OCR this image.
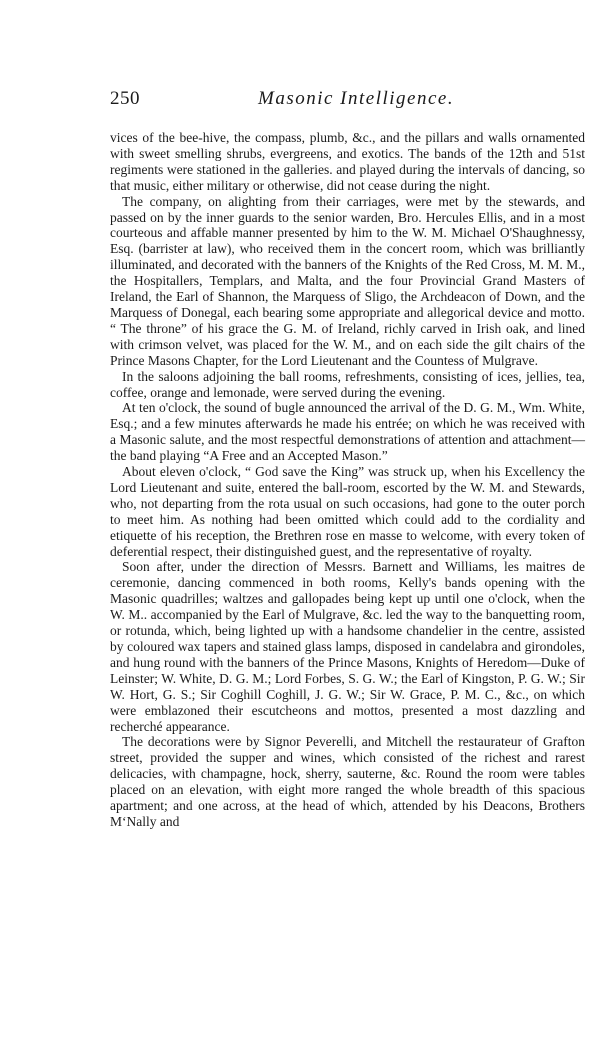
250	Masonic Intelligence.

vices of the bee-hive, the compass, plumb, &c., and the pillars and walls ornamented with sweet smelling shrubs, evergreens, and exotics. The bands of the 12th and 51st regiments were stationed in the galleries. and played during the intervals of dancing, so that music, either military or otherwise, did not cease during the night.

The company, on alighting from their carriages, were met by the stewards, and passed on by the inner guards to the senior warden, Bro. Hercules Ellis, and in a most courteous and affable manner presented by him to the W. M. Michael O'Shaughnessy, Esq. (barrister at law), who received them in the concert room, which was brilliantly illuminated, and decorated with the banners of the Knights of the Red Cross, M. M. M., the Hospitallers, Templars, and Malta, and the four Provincial Grand Masters of Ireland, the Earl of Shannon, the Marquess of Sligo, the Archdeacon of Down, and the Marquess of Donegal, each bearing some appropriate and allegorical device and motto. “ The throne” of his grace the G. M. of Ireland, richly carved in Irish oak, and lined with crimson velvet, was placed for the W. M., and on each side the gilt chairs of the Prince Masons Chapter, for the Lord Lieutenant and the Countess of Mulgrave.

In the saloons adjoining the ball rooms, refreshments, consisting of ices, jellies, tea, coffee, orange and lemonade, were served during the evening.

At ten o'clock, the sound of bugle announced the arrival of the D. G. M., Wm. White, Esq.; and a few minutes afterwards he made his entrée; on which he was received with a Masonic salute, and the most respectful demonstrations of attention and attachment—the band playing “A Free and an Accepted Mason.”

About eleven o'clock, “ God save the King” was struck up, when his Excellency the Lord Lieutenant and suite, entered the ball-room, escorted by the W. M. and Stewards, who, not departing from the rota usual on such occasions, had gone to the outer porch to meet him. As nothing had been omitted which could add to the cordiality and etiquette of his reception, the Brethren rose en masse to welcome, with every token of deferential respect, their distinguished guest, and the representative of royalty.

Soon after, under the direction of Messrs. Barnett and Williams, les maitres de ceremonie, dancing commenced in both rooms, Kelly's bands opening with the Masonic quadrilles; waltzes and gallopades being kept up until one o'clock, when the W. M.. accompanied by the Earl of Mulgrave, &c. led the way to the banquetting room, or rotunda, which, being lighted up with a handsome chandelier in the centre, assisted by coloured wax tapers and stained glass lamps, disposed in candelabra and girondoles, and hung round with the banners of the Prince Masons, Knights of Heredom—Duke of Leinster; W. White, D. G. M.; Lord Forbes, S. G. W.; the Earl of Kingston, P. G. W.; Sir W. Hort, G. S.; Sir Coghill Coghill, J. G. W.; Sir W. Grace, P. M. C., &c., on which were emblazoned their escutcheons and mottos, presented a most dazzling and recherché appearance.

The decorations were by Signor Peverelli, and Mitchell the restaurateur of Grafton street, provided the supper and wines, which consisted of the richest and rarest delicacies, with champagne, hock, sherry, sauterne, &c. Round the room were tables placed on an elevation, with eight more ranged the whole breadth of this spacious apartment; and one across, at the head of which, attended by his Deacons, Brothers M‘Nally and
